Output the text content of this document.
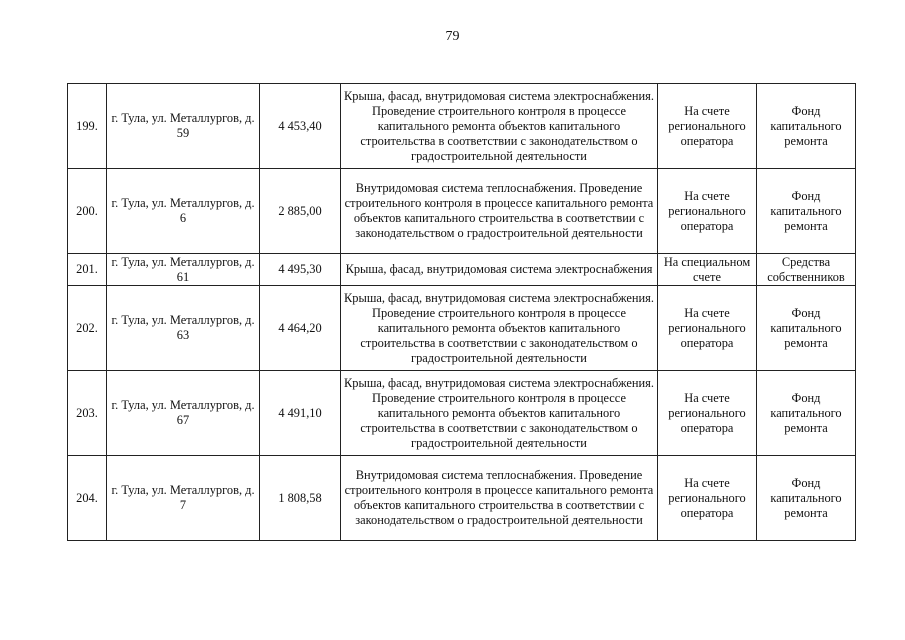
79
199.	г. Тула, ул. Металлургов, д. 59	4 453,40	Крыша, фасад, внутридомовая система электроснабжения. Проведение строительного контроля в процессе капитального ремонта объектов капитального строительства в соответствии с законодательством о градостроительной деятельности	На счете регионального оператора	Фонд капитального ремонта
200.	г. Тула, ул. Металлургов, д. 6	2 885,00	Внутридомовая система теплоснабжения. Проведение строительного контроля в процессе капитального ремонта объектов капитального строительства в соответствии с законодательством о градостроительной деятельности	На счете регионального оператора	Фонд капитального ремонта
201.	г. Тула, ул. Металлургов, д. 61	4 495,30	Крыша, фасад, внутридомовая система электроснабжения	На специальном счете	Средства собственников
202.	г. Тула, ул. Металлургов, д. 63	4 464,20	Крыша, фасад, внутридомовая система электроснабжения. Проведение строительного контроля в процессе капитального ремонта объектов капитального строительства в соответствии с законодательством о градостроительной деятельности	На счете регионального оператора	Фонд капитального ремонта
203.	г. Тула, ул. Металлургов, д. 67	4 491,10	Крыша, фасад, внутридомовая система электроснабжения. Проведение строительного контроля в процессе капитального ремонта объектов капитального строительства в соответствии с законодательством о градостроительной деятельности	На счете регионального оператора	Фонд капитального ремонта
204.	г. Тула, ул. Металлургов, д. 7	1 808,58	Внутридомовая система теплоснабжения. Проведение строительного контроля в процессе капитального ремонта объектов капитального строительства в соответствии с законодательством о градостроительной деятельности	На счете регионального оператора	Фонд капитального ремонта
